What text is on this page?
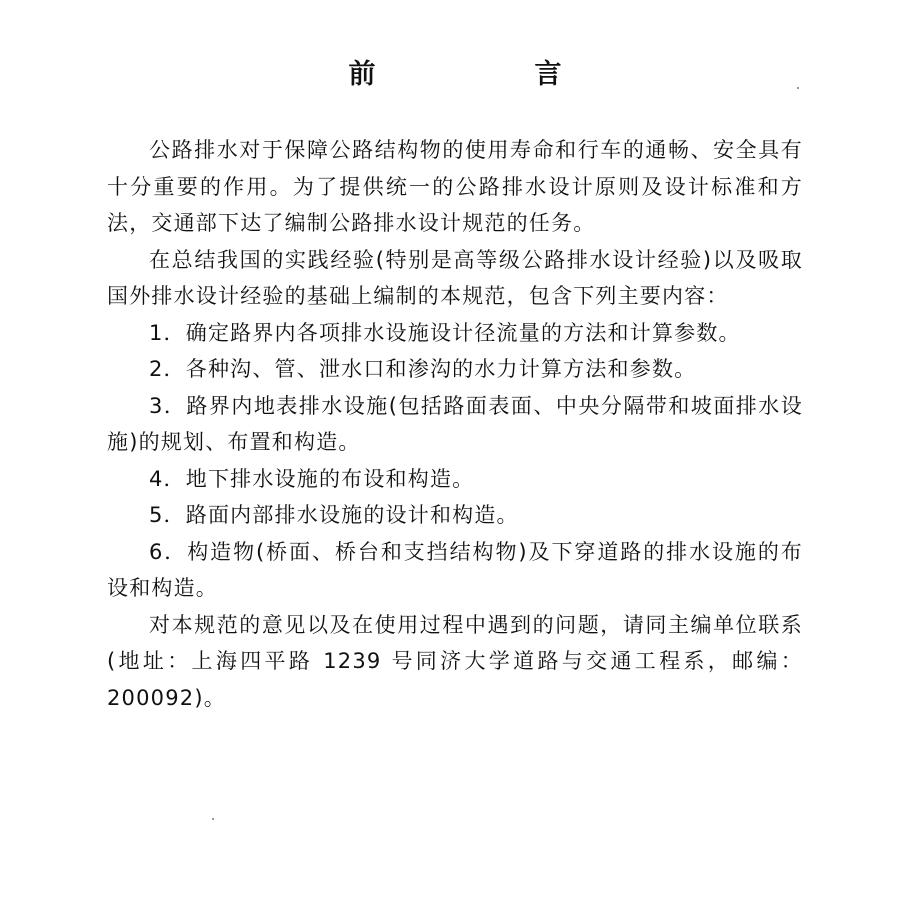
前　言

公路排水对于保障公路结构物的使用寿命和行车的通畅、安全具有十分重要的作用。为了提供统一的公路排水设计原则及设计标准和方法，交通部下达了编制公路排水设计规范的任务。

在总结我国的实践经验(特别是高等级公路排水设计经验)以及吸取国外排水设计经验的基础上编制的本规范，包含下列主要内容：

1．确定路界内各项排水设施设计径流量的方法和计算参数。

2．各种沟、管、泄水口和渗沟的水力计算方法和参数。

3．路界内地表排水设施(包括路面表面、中央分隔带和坡面排水设施)的规划、布置和构造。

4．地下排水设施的布设和构造。

5．路面内部排水设施的设计和构造。

6．构造物(桥面、桥台和支挡结构物)及下穿道路的排水设施的布设和构造。

对本规范的意见以及在使用过程中遇到的问题，请同主编单位联系(地址：上海四平路 1239 号同济大学道路与交通工程系，邮编：200092)。
